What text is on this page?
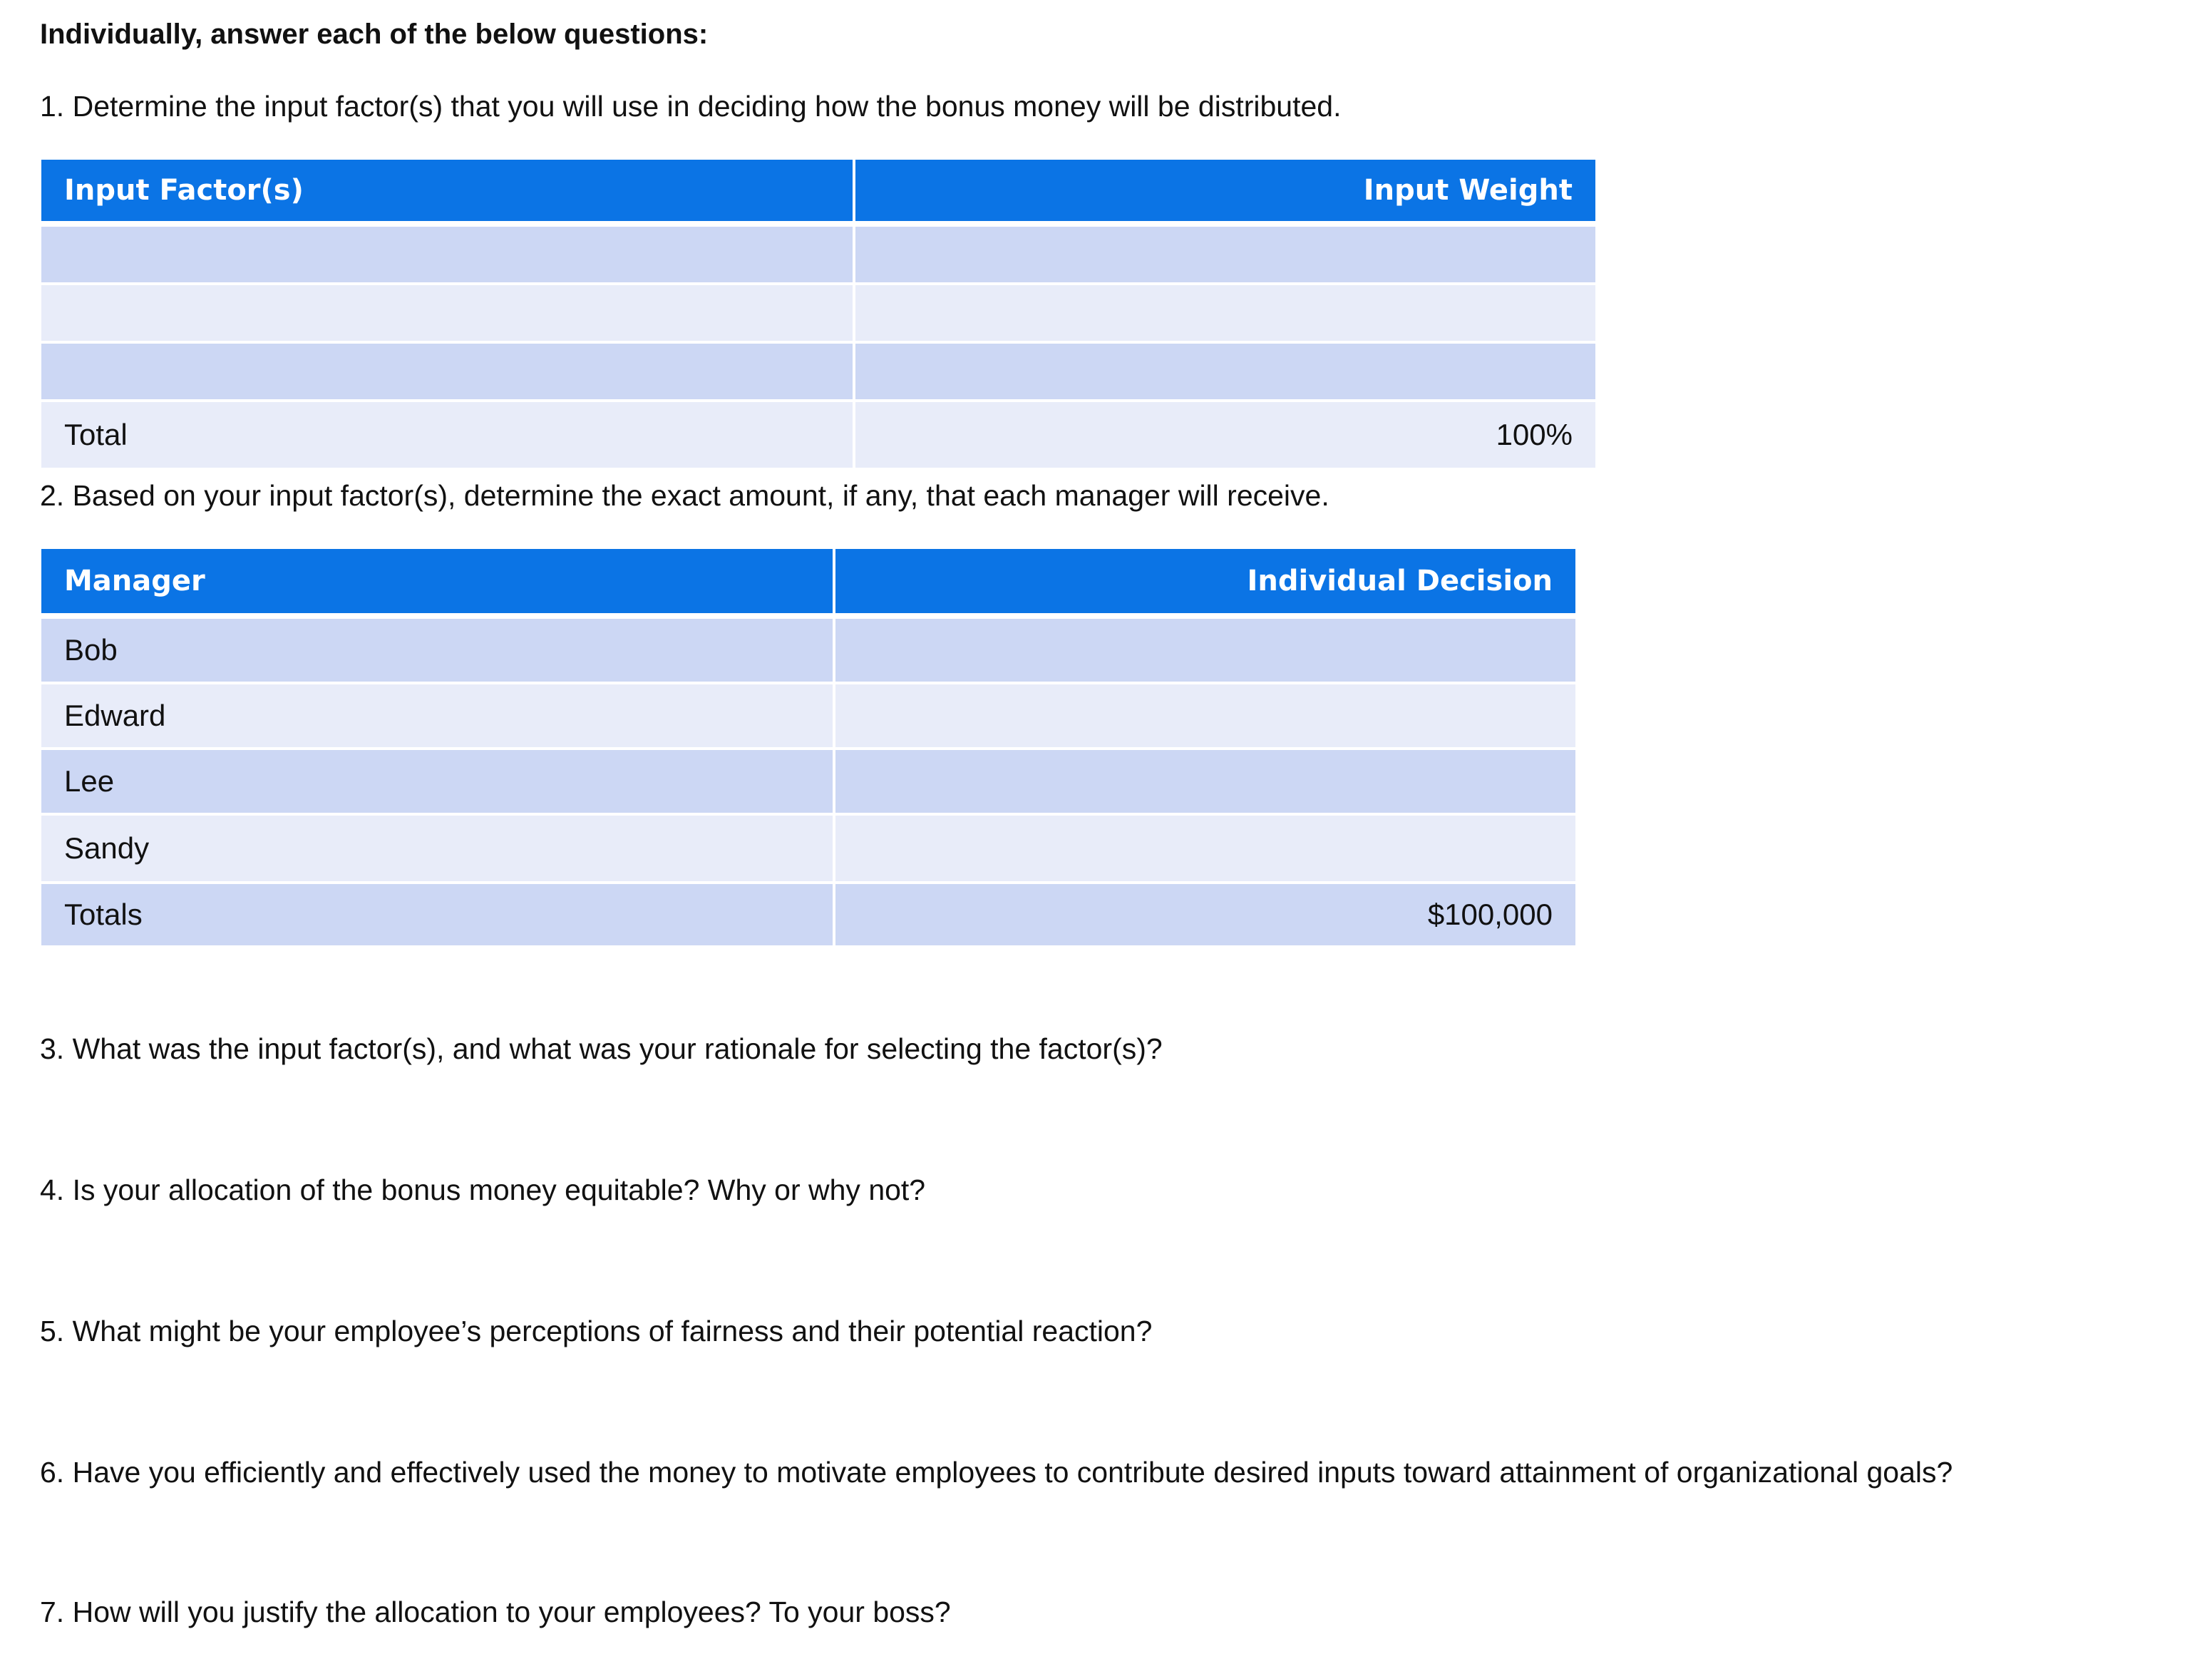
Individually, answer each of the below questions:
1. Determine the input factor(s) that you will use in deciding how the bonus money will be distributed.
Input Factor(s)	Input Weight

Total	100%
2. Based on your input factor(s), determine the exact amount, if any, that each manager will receive.
Manager	Individual Decision
Bob	
Edward	
Lee	
Sandy	
Totals	$100,000
3. What was the input factor(s), and what was your rationale for selecting the factor(s)?
4. Is your allocation of the bonus money equitable? Why or why not?
5. What might be your employee’s perceptions of fairness and their potential reaction?
6. Have you efficiently and effectively used the money to motivate employees to contribute desired inputs toward attainment of organizational goals?
7. How will you justify the allocation to your employees? To your boss?
